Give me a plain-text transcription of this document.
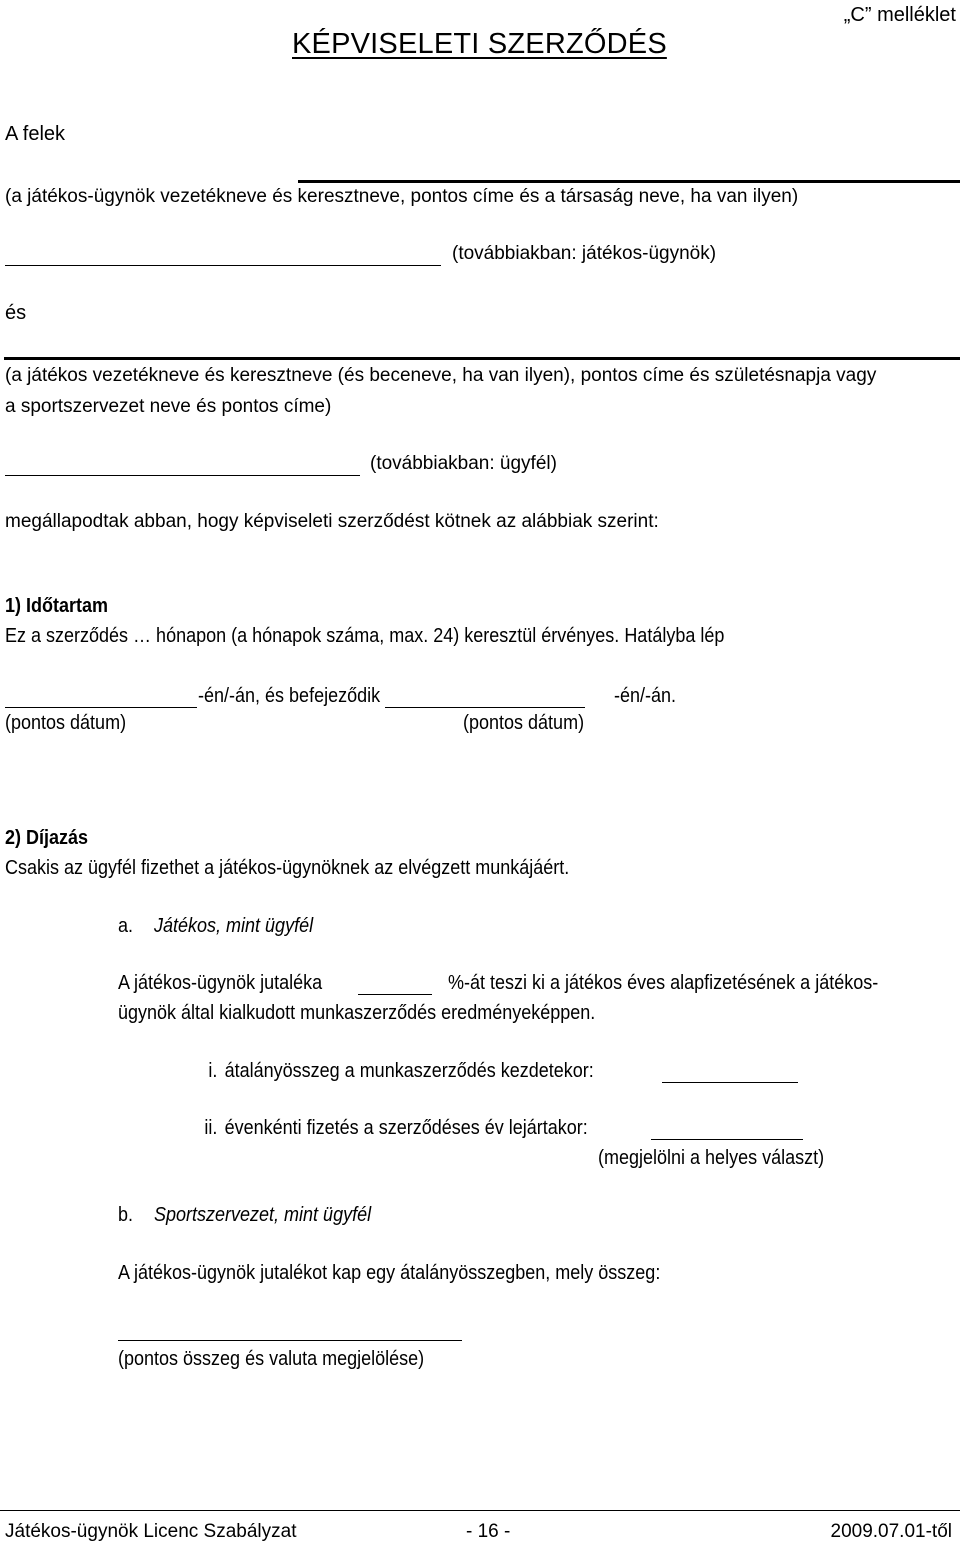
„C” melléklet
KÉPVISELETI SZERZŐDÉS
A felek
(a játékos-ügynök vezetékneve és keresztneve, pontos címe és a társaság neve, ha van ilyen)
(továbbiakban: játékos-ügynök)
és
(a játékos vezetékneve és keresztneve (és beceneve, ha van ilyen), pontos címe és születésnapja vagy
a sportszervezet neve és pontos címe)
(továbbiakban: ügyfél)
megállapodtak abban, hogy képviseleti szerződést kötnek az alábbiak szerint:
1) Időtartam
Ez a szerződés … hónapon (a hónapok száma, max. 24) keresztül érvényes. Hatályba lép
-én/-án, és befejeződik	-én/-án.
(pontos dátum)	(pontos dátum)
2) Díjazás
Csakis az ügyfél fizethet a játékos-ügynöknek az elvégzett munkájáért.
a. Játékos, mint ügyfél
A játékos-ügynök jutaléka	%-át teszi ki a játékos éves alapfizetésének a játékos-
ügynök által kialkudott munkaszerződés eredményeképpen.
i. átalányösszeg a munkaszerződés kezdetekor:
ii. évenkénti fizetés a szerződéses év lejártakor:
(megjelölni a helyes választ)
b. Sportszervezet, mint ügyfél
A játékos-ügynök jutalékot kap egy átalányösszegben, mely összeg:
(pontos összeg és valuta megjelölése)
Játékos-ügynök Licenc Szabályzat	- 16 -	2009.07.01-től
